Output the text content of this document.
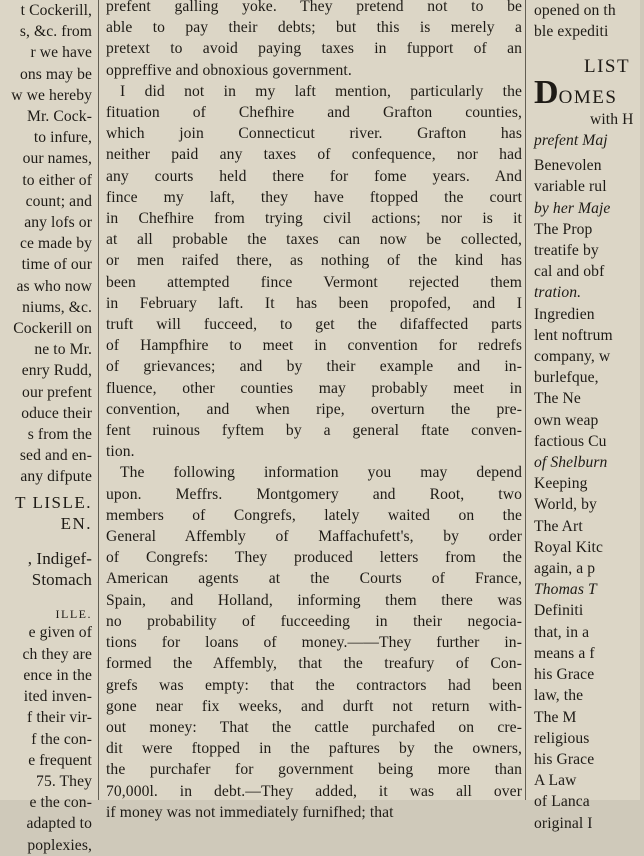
t Cockerill,
s, &c. from
r we have
ons may be
w we hereby
Mr. Cock-
to infure,
our names,
to either of
count; and
any lofs or
ce made by
time of our
as who now
niums, &c.
Cockerill on
ne to Mr.
enry Rudd,
our prefent
oduce their
s from the
sed and en-
any difpute
T LISLE.
EN.
, Indigef-
Stomach
ILLE.
e given of
ch they are
ence in the
ited inven-
f their vir-
f the con-
e frequent
75. They
e the con-
adapted to
poplexies,
prefent galling yoke. They pretend not to be
able to pay their debts; but this is merely a
pretext to avoid paying taxes in fupport of an
oppreffive and obnoxious government.
I did not in my laft mention, particularly the
fituation of Chefhire and Grafton counties,
which join Connecticut river. Grafton has
neither paid any taxes of confequence, nor had
any courts held there for fome years. And
fince my laft, they have ftopped the court
in Chefhire from trying civil actions; nor is it
at all probable the taxes can now be collected,
or men raifed there, as nothing of the kind has
been attempted fince Vermont rejected them
in February laft. It has been propofed, and I
truft will fucceed, to get the difaffected parts
of Hampfhire to meet in convention for redrefs
of grievances; and by their example and in-
fluence, other counties may probably meet in
convention, and when ripe, overturn the pre-
fent ruinous fyftem by a general ftate conven-
tion.
The following information you may depend
upon. Meffrs. Montgomery and Root, two
members of Congrefs, lately waited on the
General Affembly of Maffachufett's, by order
of Congrefs: They produced letters from the
American agents at the Courts of France,
Spain, and Holland, informing them there was
no probability of fucceeding in their negocia-
tions for loans of money.——They further in-
formed the Affembly, that the treafury of Con-
grefs was empty: that the contractors had been
gone near fix weeks, and durft not return with-
out money: That the cattle purchafed on cre-
dit were ftopped in the paftures by the owners,
the purchafer for government being more than
70,000l. in debt.—They added, it was all over
if money was not immediately furnifhed; that
opened on th
ble expediti
LIST
DOMES
with H
prefent Maj
Benevolen
variable rul
by her Maje
The Prop
treatife by
cal and obf
tration.
Ingredien
lent noftrum
company, w
burlefque,
The Ne
own weap
factious Cu
of Shelburn
Keeping
World, by
The Art
Royal Kitc
again, a p
Thomas T
Definiti
that, in a
means a f
his Grace
law, the
The M
religious
his Grace
A Law
of Lanca
original I
